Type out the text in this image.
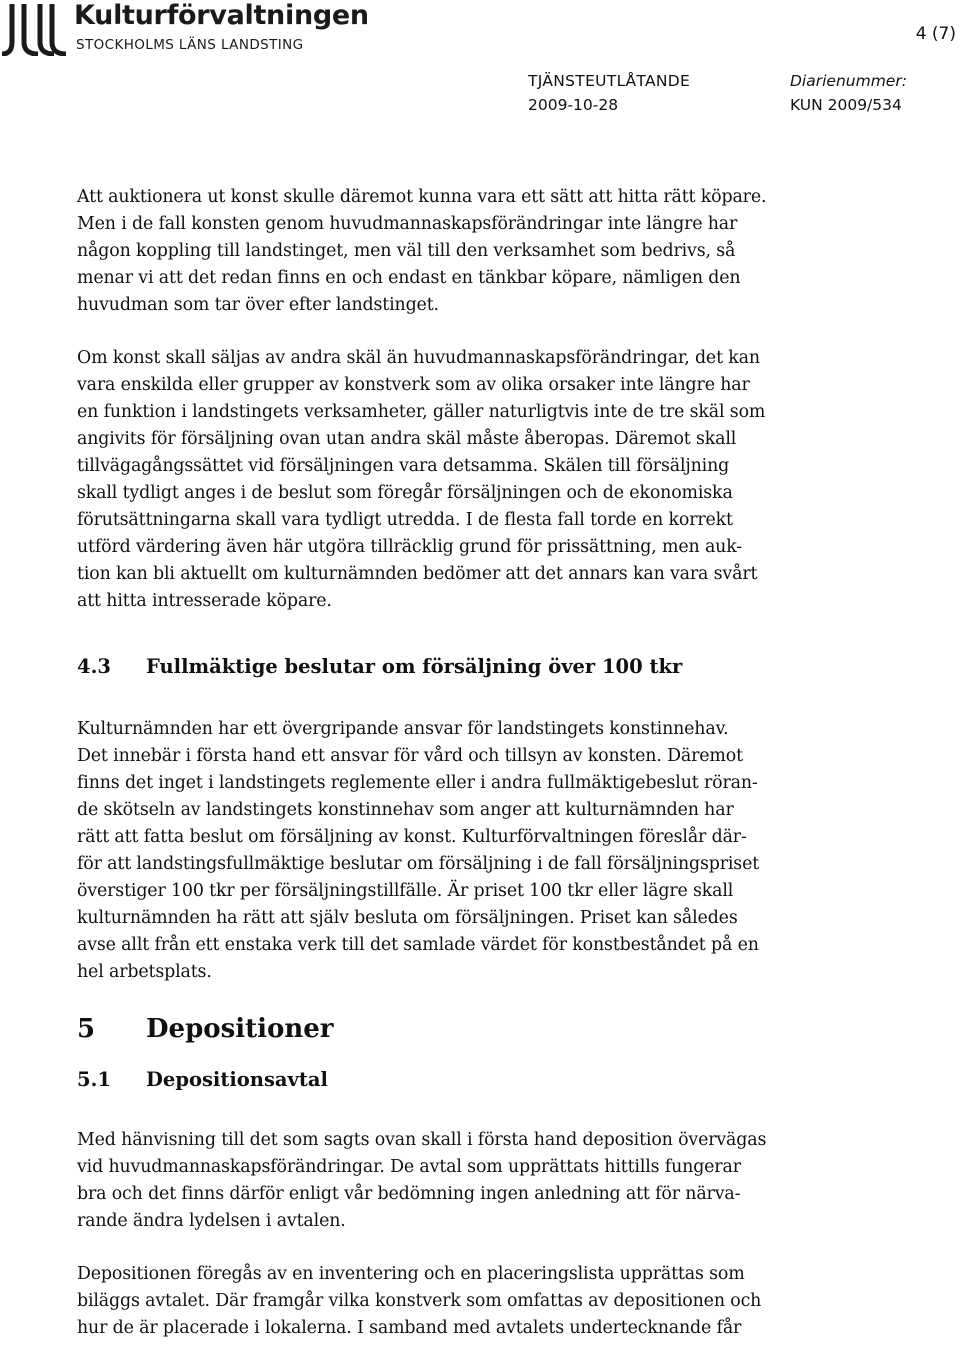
Kulturförvaltningen
STOCKHOLMS LÄNS LANDSTING
4 (7)
TJÄNSTEUTLÅTANDE
2009-10-28
Diarienummer:
KUN 2009/534

Att auktionera ut konst skulle däremot kunna vara ett sätt att hitta rätt köpare.
Men i de fall konsten genom huvudmannaskapsförändringar inte längre har
någon koppling till landstinget, men väl till den verksamhet som bedrivs, så
menar vi att det redan finns en och endast en tänkbar köpare, nämligen den
huvudman som tar över efter landstinget.

Om konst skall säljas av andra skäl än huvudmannaskapsförändringar, det kan
vara enskilda eller grupper av konstverk som av olika orsaker inte längre har
en funktion i landstingets verksamheter, gäller naturligtvis inte de tre skäl som
angivits för försäljning ovan utan andra skäl måste åberopas. Däremot skall
tillvägagångssättet vid försäljningen vara detsamma. Skälen till försäljning
skall tydligt anges i de beslut som föregår försäljningen och de ekonomiska
förutsättningarna skall vara tydligt utredda. I de flesta fall torde en korrekt
utförd värdering även här utgöra tillräcklig grund för prissättning, men auk-
tion kan bli aktuellt om kulturnämnden bedömer att det annars kan vara svårt
att hitta intresserade köpare.

4.3	Fullmäktige beslutar om försäljning över 100 tkr

Kulturnämnden har ett övergripande ansvar för landstingets konstinnehav.
Det innebär i första hand ett ansvar för vård och tillsyn av konsten. Däremot
finns det inget i landstingets reglemente eller i andra fullmäktigebeslut röran-
de skötseln av landstingets konstinnehav som anger att kulturnämnden har
rätt att fatta beslut om försäljning av konst. Kulturförvaltningen föreslår där-
för att landstingsfullmäktige beslutar om försäljning i de fall försäljningspriset
överstiger 100 tkr per försäljningstillfälle. Är priset 100 tkr eller lägre skall
kulturnämnden ha rätt att själv besluta om försäljningen. Priset kan således
avse allt från ett enstaka verk till det samlade värdet för konstbeståndet på en
hel arbetsplats.

5	Depositioner
5.1	Depositionsavtal

Med hänvisning till det som sagts ovan skall i första hand deposition övervägas
vid huvudmannaskapsförändringar. De avtal som upprättats hittills fungerar
bra och det finns därför enligt vår bedömning ingen anledning att för närva-
rande ändra lydelsen i avtalen.

Depositionen föregås av en inventering och en placeringslista upprättas som
biläggs avtalet. Där framgår vilka konstverk som omfattas av depositionen och
hur de är placerade i lokalerna. I samband med avtalets undertecknande får
